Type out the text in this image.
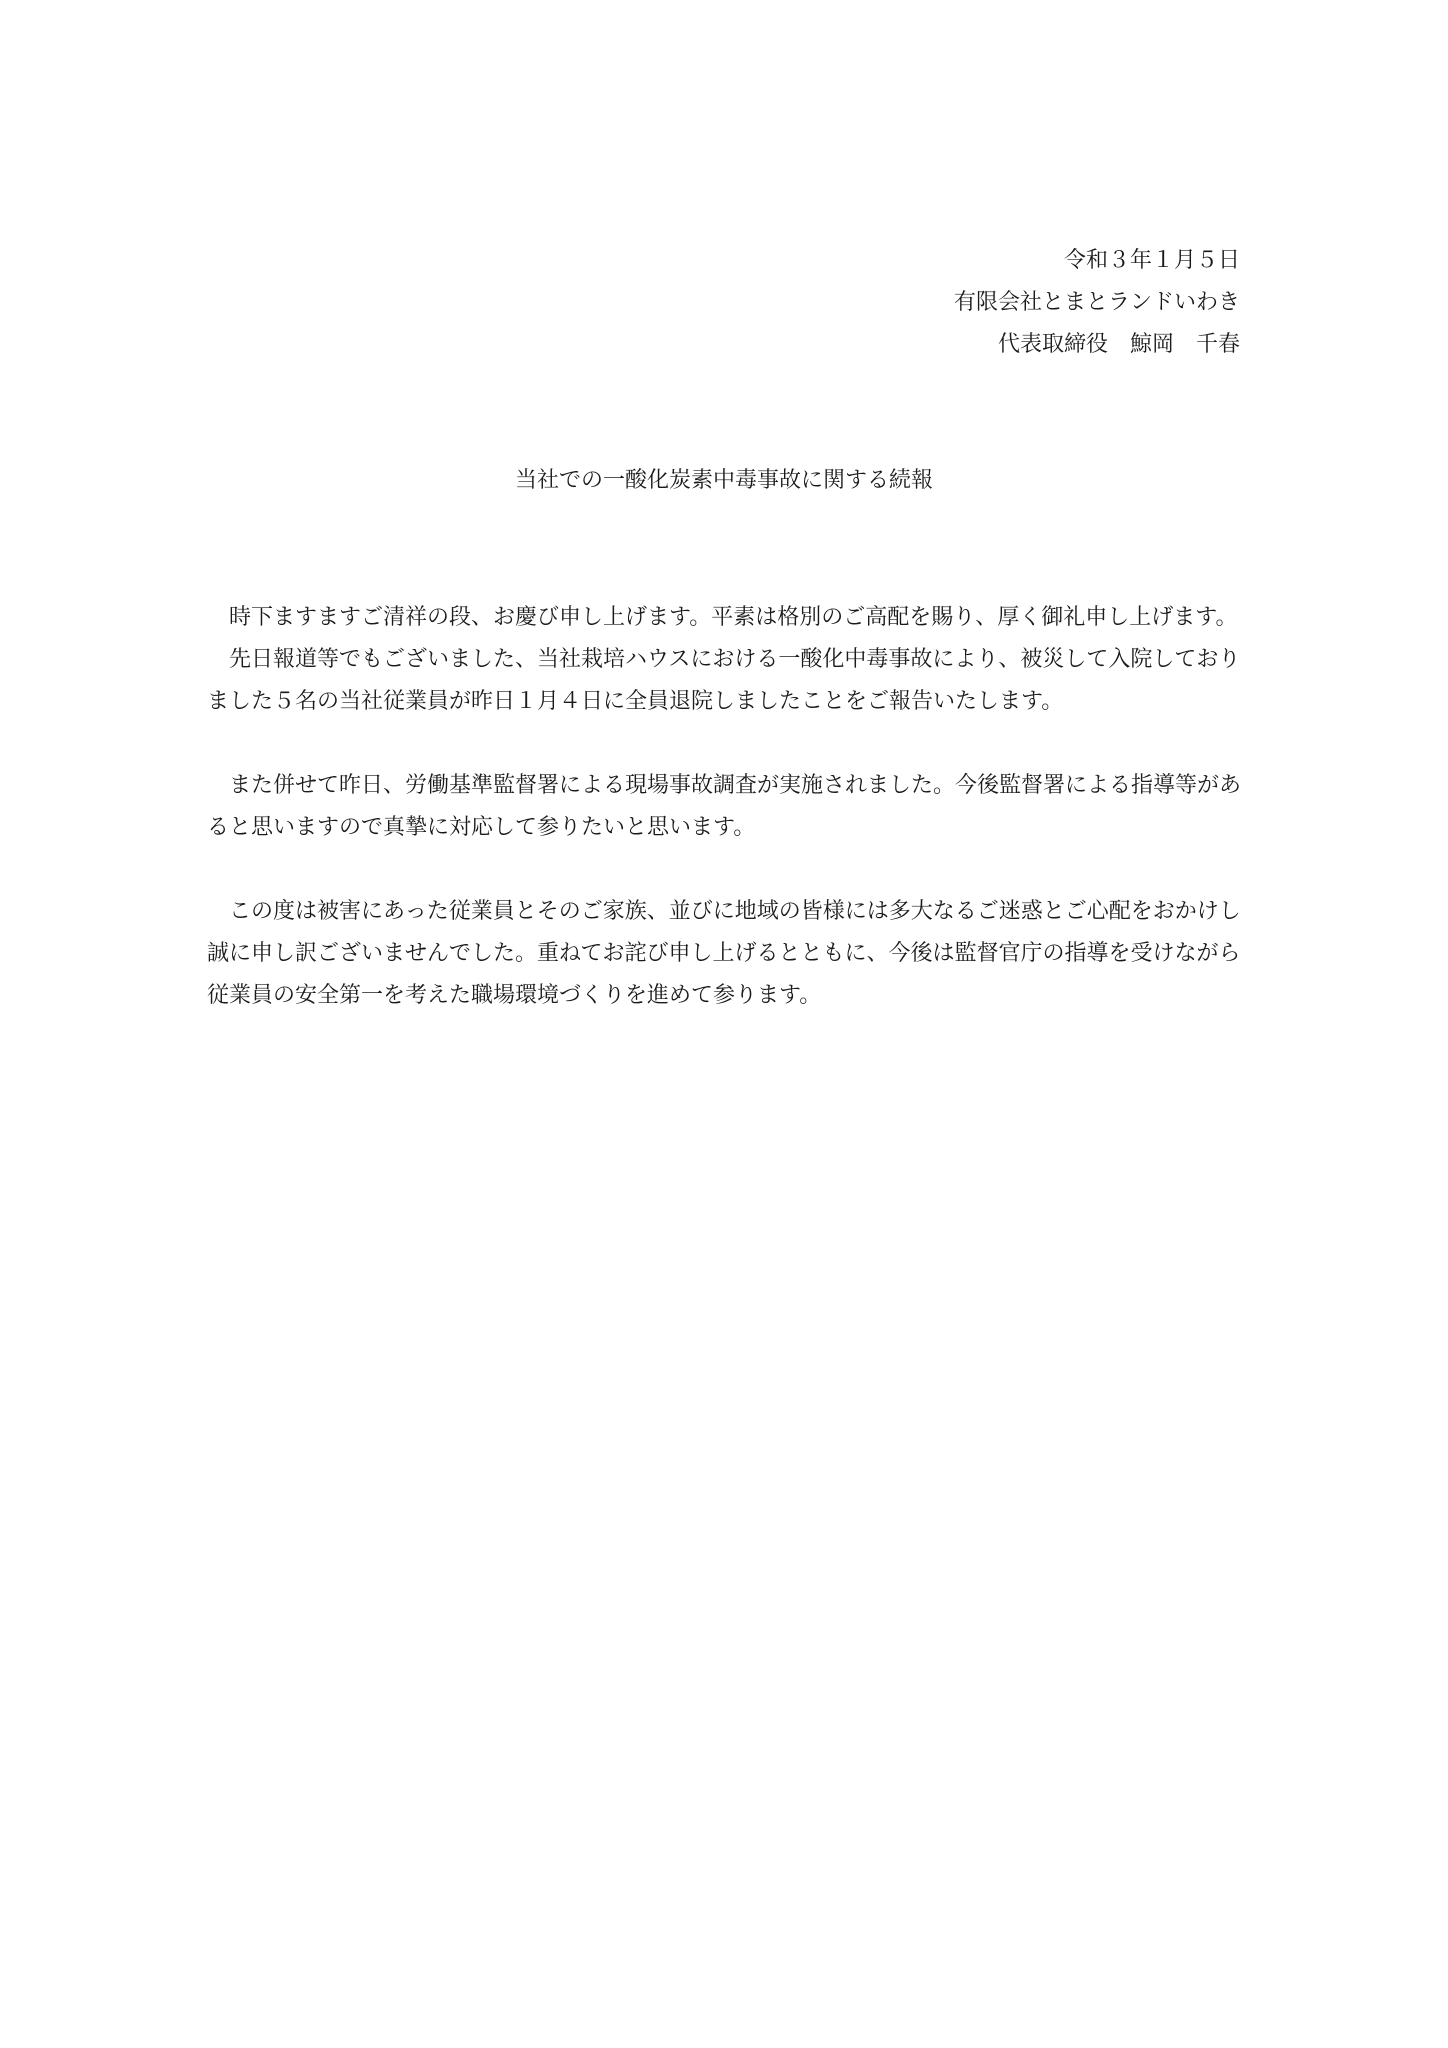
令和３年１月５日
有限会社とまとランドいわき
代表取締役　鯨岡　千春
当社での一酸化炭素中毒事故に関する続報

時下ますますご清祥の段、お慶び申し上げます。平素は格別のご高配を賜り、厚く御礼申し上げます。

先日報道等でもございました、当社栽培ハウスにおける一酸化中毒事故により、被災して入院しておりました５名の当社従業員が昨日１月４日に全員退院しましたことをご報告いたします。

また併せて昨日、労働基準監督署による現場事故調査が実施されました。今後監督署による指導等があると思いますので真摯に対応して参りたいと思います。

この度は被害にあった従業員とそのご家族、並びに地域の皆様には多大なるご迷惑とご心配をおかけし誠に申し訳ございませんでした。重ねてお詫び申し上げるとともに、今後は監督官庁の指導を受けながら従業員の安全第一を考えた職場環境づくりを進めて参ります。
